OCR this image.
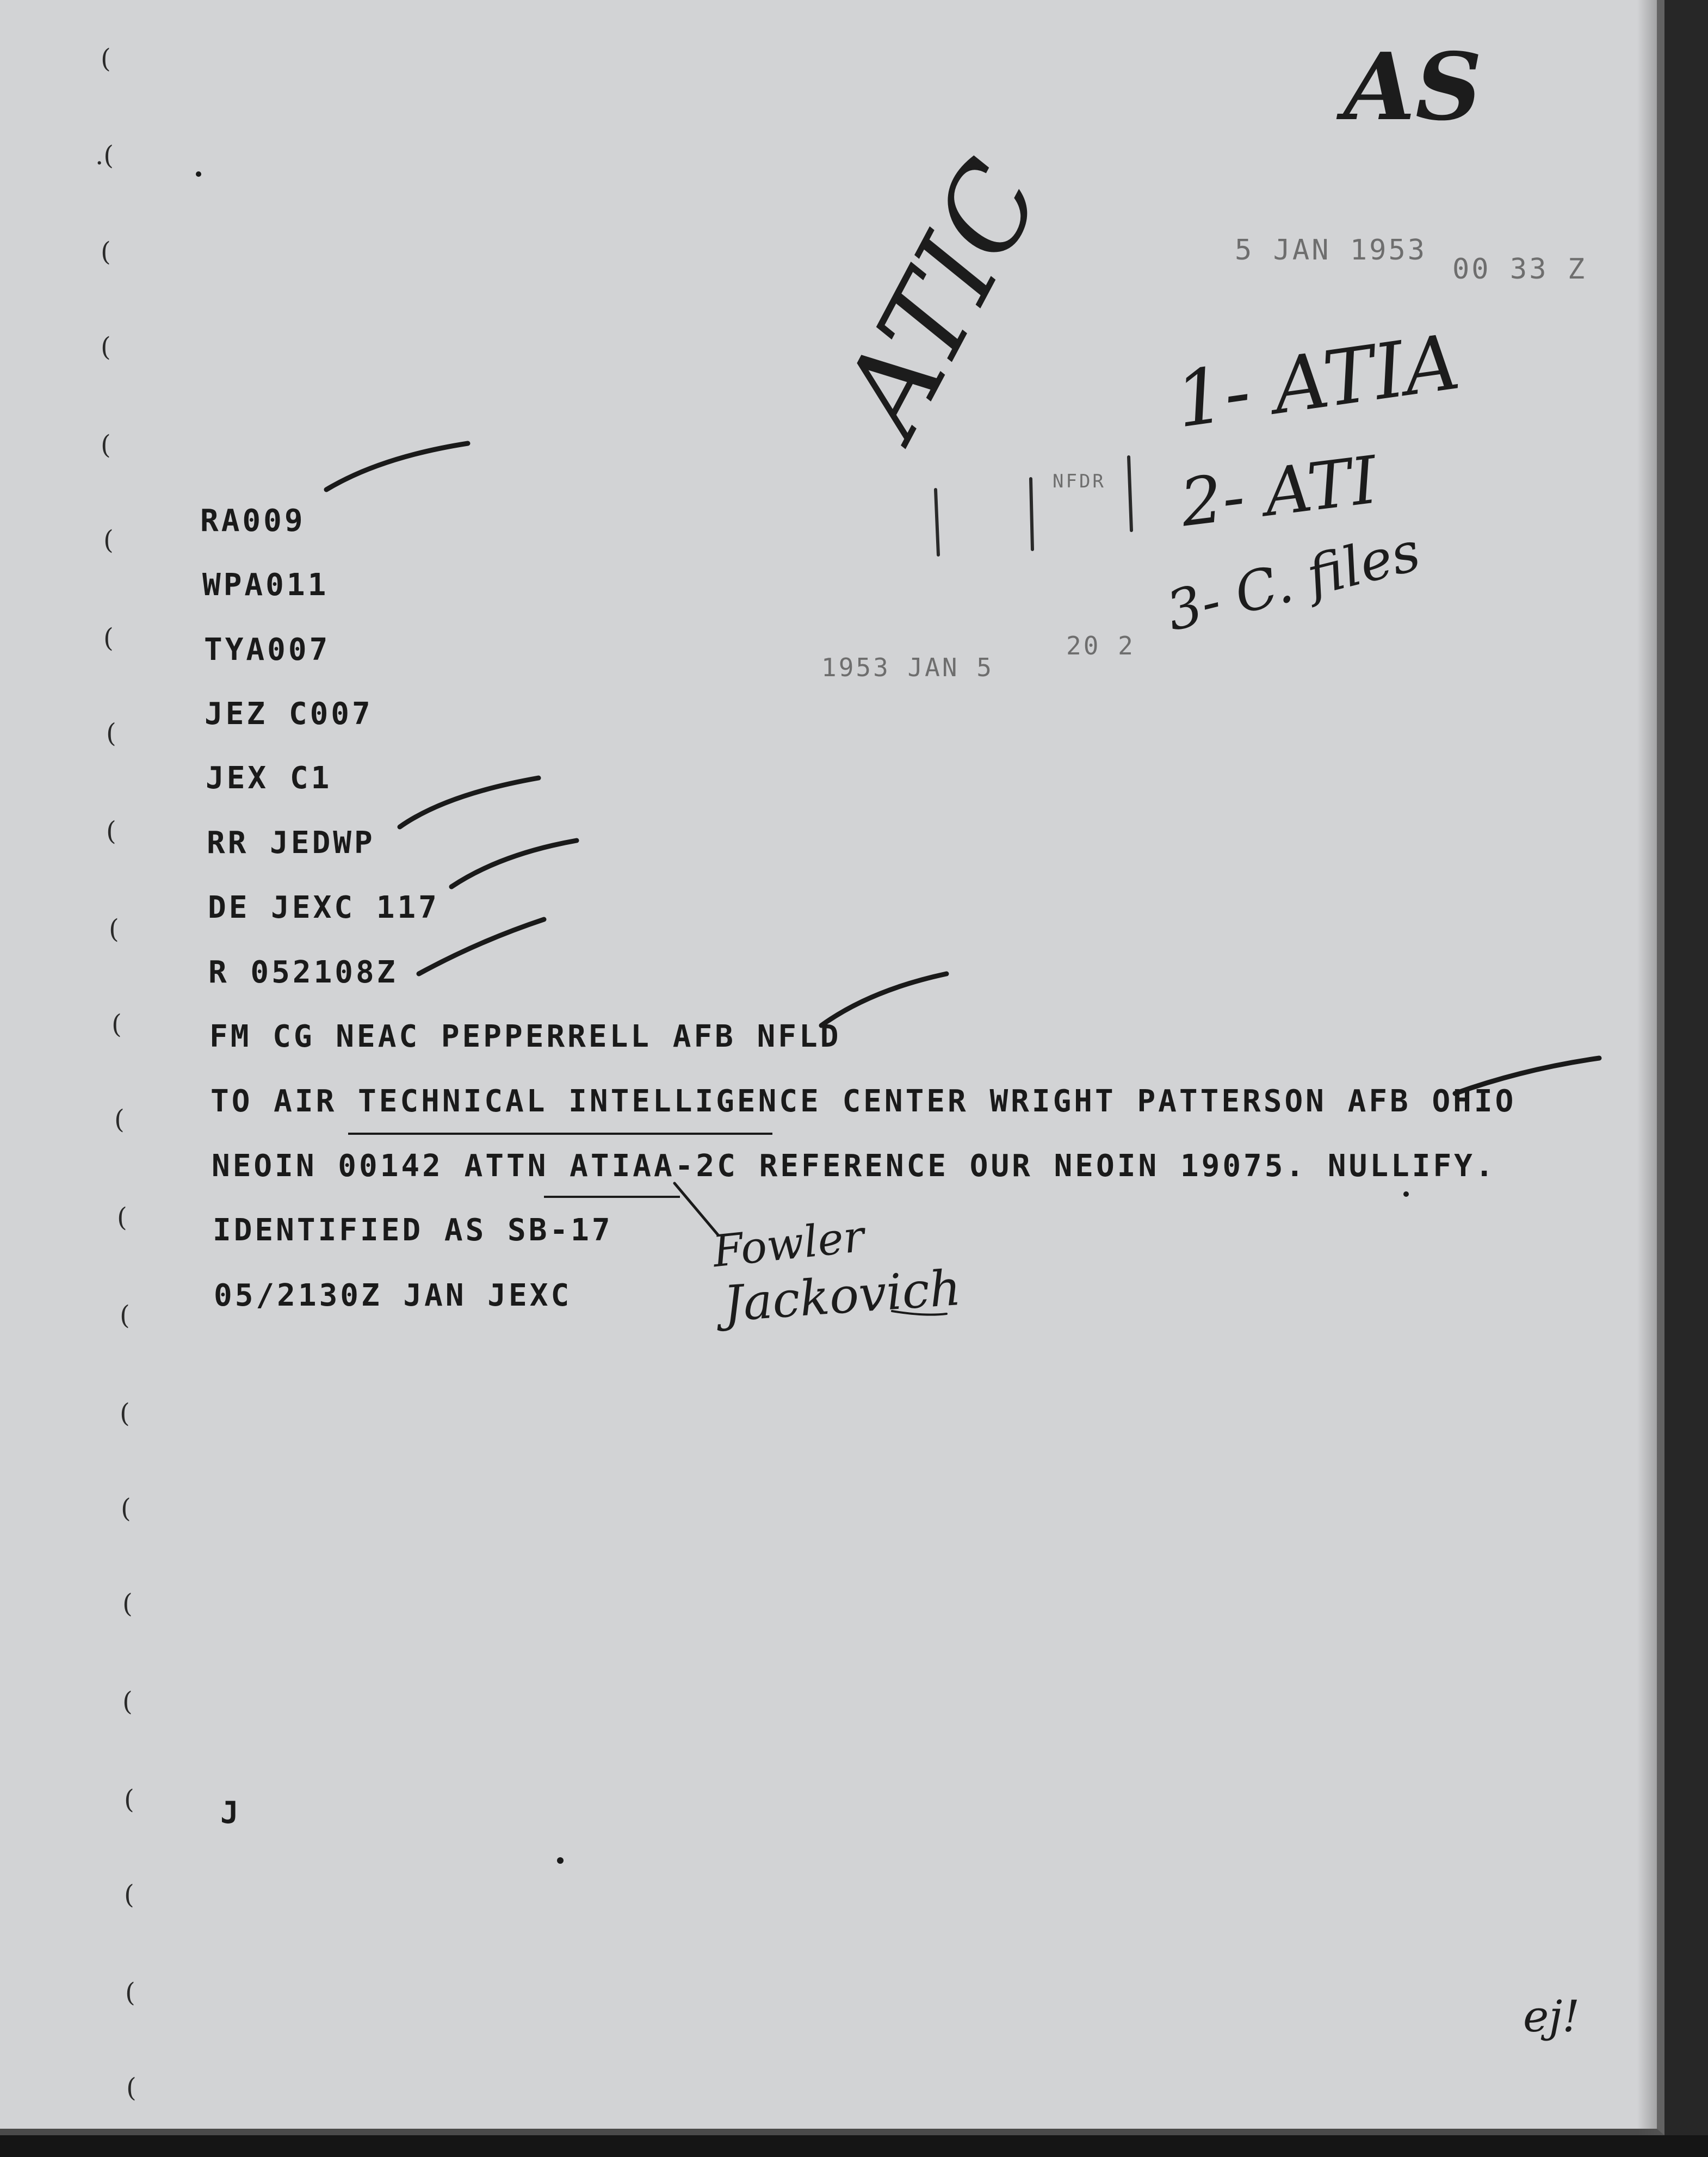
(
.(
(
(
(
(
(
(
(
(
(
(
(
(
(
(
(
(
(
(
(
(
AS
5 JAN 1953
00 33 Z
ATIC
NFDR
1- ATIA
2- ATI
3- C. files
1953 JAN 5
20 2

RA009

WPA011

TYA007

JEZ C007

JEX C1

RR JEDWP

DE JEXC 117

R 052108Z

FM CG NEAC PEPPERRELL AFB NFLD

TO AIR TECHNICAL INTELLIGENCE CENTER WRIGHT PATTERSON AFB OHIO

NEOIN 00142 ATTN ATIAA-2C REFERENCE OUR NEOIN 19075. NULLIFY.

IDENTIFIED AS SB-17

05/2130Z JAN JEXC

J

Fowler
Jackovich
ej!
